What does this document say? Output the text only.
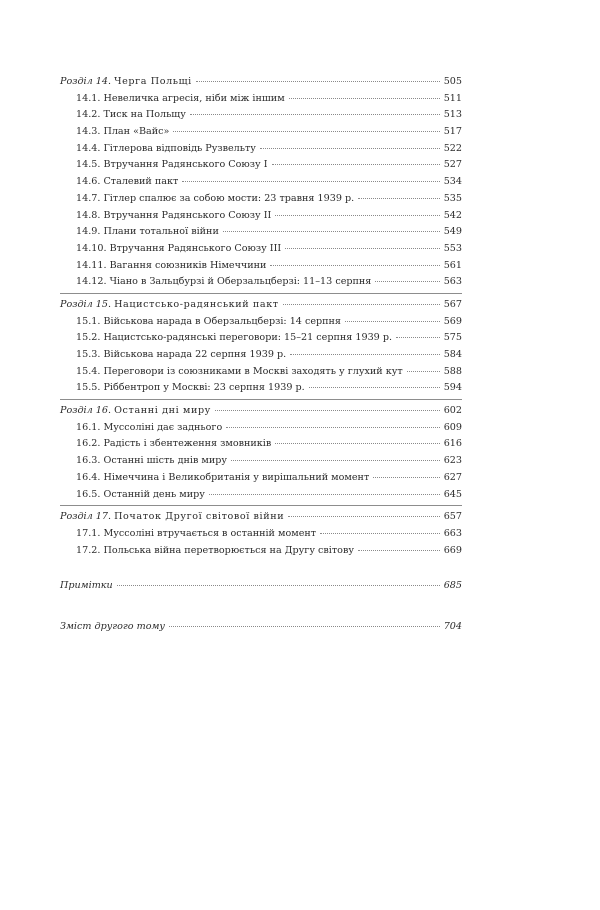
Розділ 14. Черга Польщі	505
14.1. Невеличка агресія, ніби між іншим	511
14.2. Тиск на Польщу	513
14.3. План «Вайс»	517
14.4. Гітлерова відповідь Рузвельту	522
14.5. Втручання Радянського Союзу I	527
14.6. Сталевий пакт	534
14.7. Гітлер спалює за собою мости: 23 травня 1939 р.	535
14.8. Втручання Радянського Союзу II	542
14.9. Плани тотальної війни	549
14.10. Втручання Радянського Союзу III	553
14.11. Вагання союзників Німеччини	561
14.12. Чіано в Зальцбурзі й Оберзальцберзі: 11–13 серпня	563
Розділ 15. Нацистсько-радянський пакт	567
15.1. Військова нарада в Оберзальцберзі: 14 серпня	569
15.2. Нацистсько-радянські переговори: 15–21 серпня 1939 р.	575
15.3. Військова нарада 22 серпня 1939 р.	584
15.4. Переговори із союзниками в Москві заходять у глухий кут	588
15.5. Ріббентроп у Москві: 23 серпня 1939 р.	594
Розділ 16. Останні дні миру	602
16.1. Муссоліні дає заднього	609
16.2. Радість і збентеження змовників	616
16.3. Останні шість днів миру	623
16.4. Німеччина і Великобританія у вирішальний момент	627
16.5. Останній день миру	645
Розділ 17. Початок Другої світової війни	657
17.1. Муссоліні втручається в останній момент	663
17.2. Польська війна перетворюється на Другу світову	669
Примітки	685
Зміст другого тому	704
